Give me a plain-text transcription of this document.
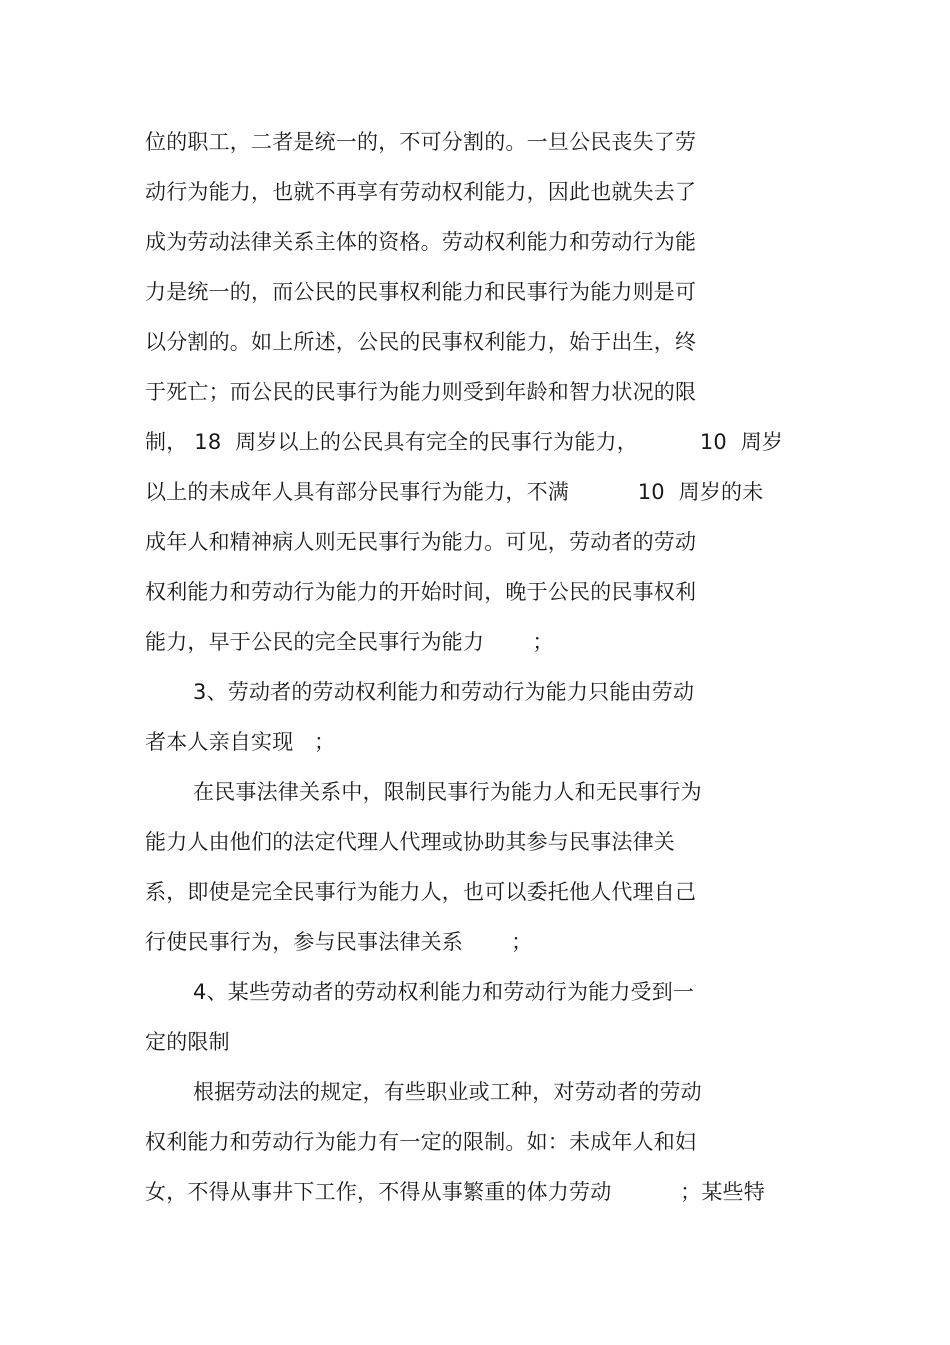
位的职工，二者是统一的，不可分割的。一旦公民丧失了劳
动行为能力，也就不再享有劳动权利能力，因此也就失去了
成为劳动法律关系主体的资格。劳动权利能力和劳动行为能
力是统一的，而公民的民事权利能力和民事行为能力则是可
以分割的。如上所述，公民的民事权利能力，始于出生，终
于死亡；而公民的民事行为能力则受到年龄和智力状况的限
制， 18  周岁以上的公民具有完全的民事行为能力，         10  周岁
以上的未成年人具有部分民事行为能力，不满          10  周岁的未
成年人和精神病人则无民事行为能力。可见，劳动者的劳动
权利能力和劳动行为能力的开始时间，晚于公民的民事权利
能力，早于公民的完全民事行为能力       ；
3、劳动者的劳动权利能力和劳动行为能力只能由劳动
者本人亲自实现   ；
在民事法律关系中，限制民事行为能力人和无民事行为
能力人由他们的法定代理人代理或协助其参与民事法律关
系，即使是完全民事行为能力人，也可以委托他人代理自己
行使民事行为，参与民事法律关系       ；
4、某些劳动者的劳动权利能力和劳动行为能力受到一
定的限制
根据劳动法的规定，有些职业或工种，对劳动者的劳动
权利能力和劳动行为能力有一定的限制。如：未成年人和妇
女，不得从事井下工作，不得从事繁重的体力劳动          ；某些特
